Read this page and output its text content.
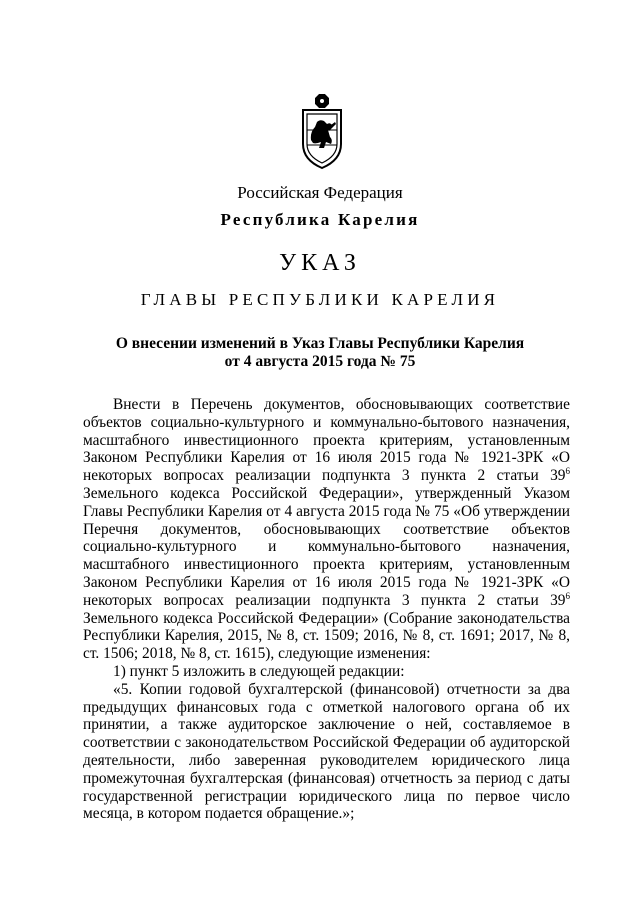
Российская Федерация
Республика Карелия
УКАЗ
ГЛАВЫ РЕСПУБЛИКИ КАРЕЛИЯ
О внесении изменений в Указ Главы Республики Карелия
от 4 августа 2015 года № 75

Внести в Перечень документов, обосновывающих соответствие объектов социально-культурного и коммунально-бытового назначения, масштабного инвестиционного проекта критериям, установленным Законом Республики Карелия от 16 июля 2015 года № 1921-ЗРК «О некоторых вопросах реализации подпункта 3 пункта 2 статьи $39^6$ Земельного кодекса Российской Федерации», утвержденный Указом Главы Республики Карелия от 4 августа 2015 года № 75 «Об утверждении Перечня документов, обосновывающих соответствие объектов социально-культурного и коммунально-бытового назначения, масштабного инвестиционного проекта критериям, установленным Законом Республики Карелия от 16 июля 2015 года № 1921-ЗРК «О некоторых вопросах реализации подпункта 3 пункта 2 статьи $39^6$ Земельного кодекса Российской Федерации» (Собрание законодательства Республики Карелия, 2015, № 8, ст. 1509; 2016, № 8, ст. 1691; 2017, № 8, ст. 1506; 2018, № 8, ст. 1615), следующие изменения:

1) пункт 5 изложить в следующей редакции:

«5. Копии годовой бухгалтерской (финансовой) отчетности за два предыдущих финансовых года с отметкой налогового органа об их принятии, а также аудиторское заключение о ней, составляемое в соответствии с законодательством Российской Федерации об аудиторской деятельности, либо заверенная руководителем юридического лица промежуточная бухгалтерская (финансовая) отчетность за период с даты государственной регистрации юридического лица по первое число месяца, в котором подается обращение.»;
